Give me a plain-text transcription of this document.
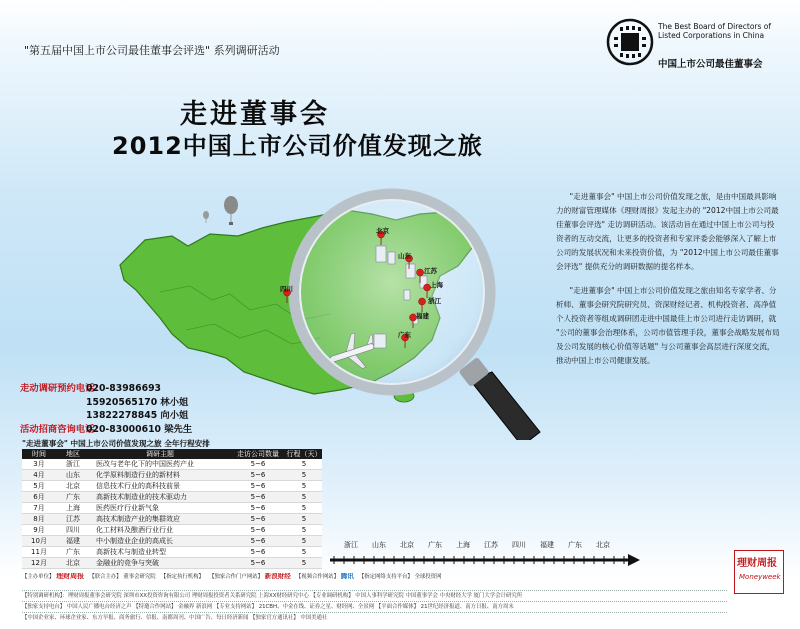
北京
山东
江苏
上海
浙江
福建
四川
广东
"第五届中国上市公司最佳董事会评选" 系列调研活动
The Best Board of Directors of Listed Corporations in China
中国上市公司最佳董事会
走进董事会
2012中国上市公司价值发现之旅

"走进董事会" 中国上市公司价值发现之旅，是由中国最具影响力的财富管理媒体《理财周报》发起主办的 "2012中国上市公司最佳董事会评选" 走访调研活动。该活动旨在通过中国上市公司与投资者的互动交流，让更多的投资者和专家评委会能够深入了解上市公司的发展状况和未来投资价值，为 "2012中国上市公司最佳董事会评选" 提供充分的调研数据的提名样本。

"走进董事会" 中国上市公司价值发现之旅由知名专家学者、分析师、董事会研究院研究员、资深财经记者、机构投资者、高净值个人投资者等组成调研团走进中国最佳上市公司进行走访调研，就 "公司的董事会治理体系，公司市值管理手段，董事会战略发展布局及公司发展的核心价值等话题" 与公司董事会高层进行深度交流，推动中国上市公司健康发展。

走动调研预约电话：020-83986693
15920565170 林小姐
13822278845 向小姐
活动招商咨询电话：020-83000610 梁先生
"走进董事会" 中国上市公司价值发现之旅 全年行程安排
时间	地区	调研主题	走访公司数量	行程（天）
3月	浙江	医改与老年化下的中国医药产业	5~6	5
4月	山东	化学原料制造行业的新材料	5~6	5
5月	北京	信息技术行业的高科技前景	5~6	5
6月	广东	高新技术制造业的技术驱动力	5~6	5
7月	上海	医药医疗行业新气象	5~6	5
8月	江苏	高技术制造产业的集群效应	5~6	5
9月	四川	化工材料及酿酒行业行业	5~6	5
10月	福建	中小制造业企业的高成长	5~6	5
11月	广东	高新技术与制造业转型	5~6	5
12月	北京	金融业的竞争与突破	5~6	5
浙江 山东 北京 广东 上海 江苏 四川 福建 广东 北京
理财周报
Moneyweek
【主办单位】 理财周报 【联合主办】 董事会研究院 【指定执行机构】 【独家合作门户网站】 新浪财经 【视频合作网站】 腾讯 【指定网络支持平台】 全球投资网
【特别调研机构】：理财周报董事会研究院 深圳市XX投资咨询有限公司 理财周报投资者关系研究院 上海XX财经研究中心 【专业调研机构】 中国人事科学研究院 中国董事学会 中央财经大学 厦门大学会计研究所
【独家支持电台】 中国人民广播电台经济之声 【特邀合作网站】 金融界 新浪网 【专业支持网站】 21CBH、中金在线、证券之星、财经网、全景网 【平面合作媒体】 21世纪经济报道、南方日报、南方周末
【中国企业家、环球企业家、东方早报、商务旅行、信报、南都周刊、中国广告、每日经济新闻 【独家官方通讯社】 中国美通社
